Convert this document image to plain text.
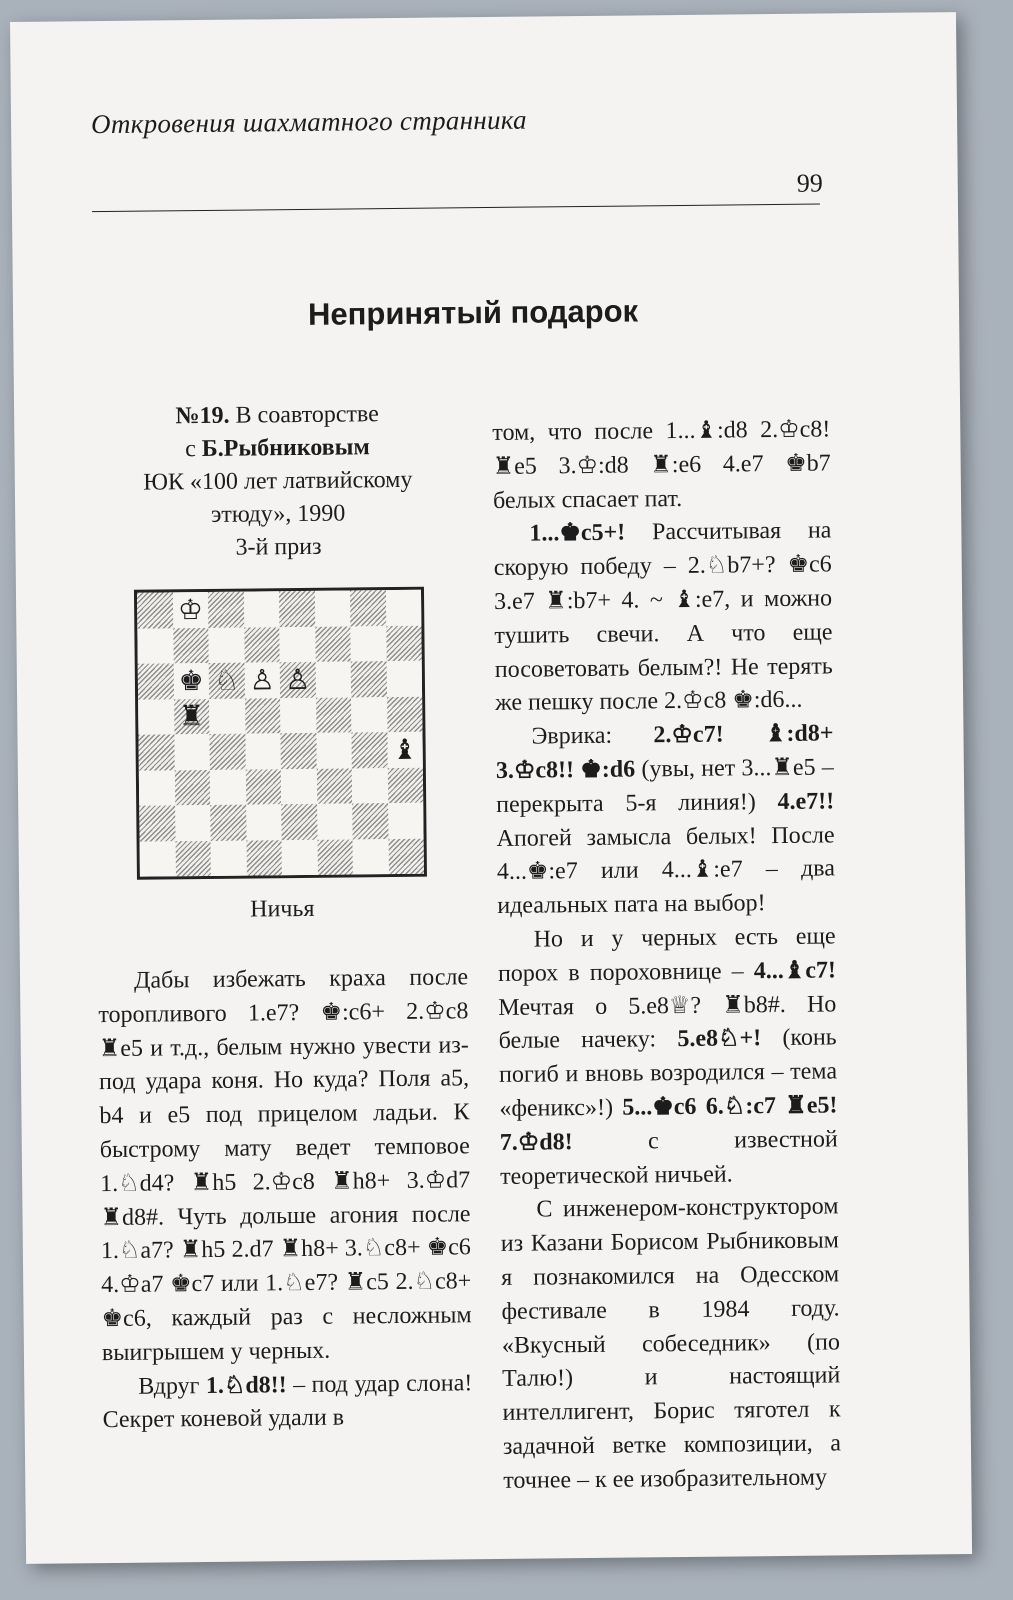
Откровения шахматного странника
99
Непринятый подарок
№19. В соавторстве
с Б.Рыбниковым
ЮК «100 лет латвийскому этюду», 1990
3-й приз
♔
♚ ♘ ♙ ♙
♜
♝
Ничья

Дабы избежать краха после торопливого 1.e7? ♚:c6+ 2.♔c8 ♜e5 и т.д., белым нужно увести из-под удара коня. Но куда? Поля a5, b4 и e5 под прицелом ладьи. К быстрому мату ведет темповое 1.♘d4? ♜h5 2.♔c8 ♜h8+ 3.♔d7 ♜d8#. Чуть дольше агония после 1.♘a7? ♜h5 2.d7 ♜h8+ 3.♘c8+ ♚c6 4.♔a7 ♚c7 или 1.♘e7? ♜c5 2.♘c8+ ♚c6, каждый раз с несложным выигрышем у черных.

Вдруг 1.♘d8!! – под удар слона! Секрет коневой удали в

том, что после 1...♝:d8 2.♔c8! ♜e5 3.♔:d8 ♜:e6 4.e7 ♚b7 белых спасает пат.

1...♚c5+! Рассчитывая на скорую победу – 2.♘b7+? ♚c6 3.e7 ♜:b7+ 4. ~ ♝:e7, и можно тушить свечи. А что еще посоветовать белым?! Не терять же пешку после 2.♔c8 ♚:d6...

Эврика: 2.♔c7! ♝:d8+ 3.♔c8!! ♚:d6 (увы, нет 3...♜e5 – перекрыта 5-я линия!) 4.e7!! Апогей замысла белых! После 4...♚:e7 или 4...♝:e7 – два идеальных пата на выбор!

Но и у черных есть еще порох в пороховнице – 4...♝c7! Мечтая о 5.e8♕? ♜b8#. Но белые начеку: 5.e8♘+! (конь погиб и вновь возродился – тема «феникс»!) 5...♚c6 6.♘:c7 ♜e5! 7.♔d8! с известной теоретической ничьей.

С инженером-конструктором из Казани Борисом Рыбниковым я познакомился на Одесском фестивале в 1984 году. «Вкусный собеседник» (по Талю!) и настоящий интеллигент, Борис тяготел к задачной ветке композиции, а точнее – к ее изобразительному
